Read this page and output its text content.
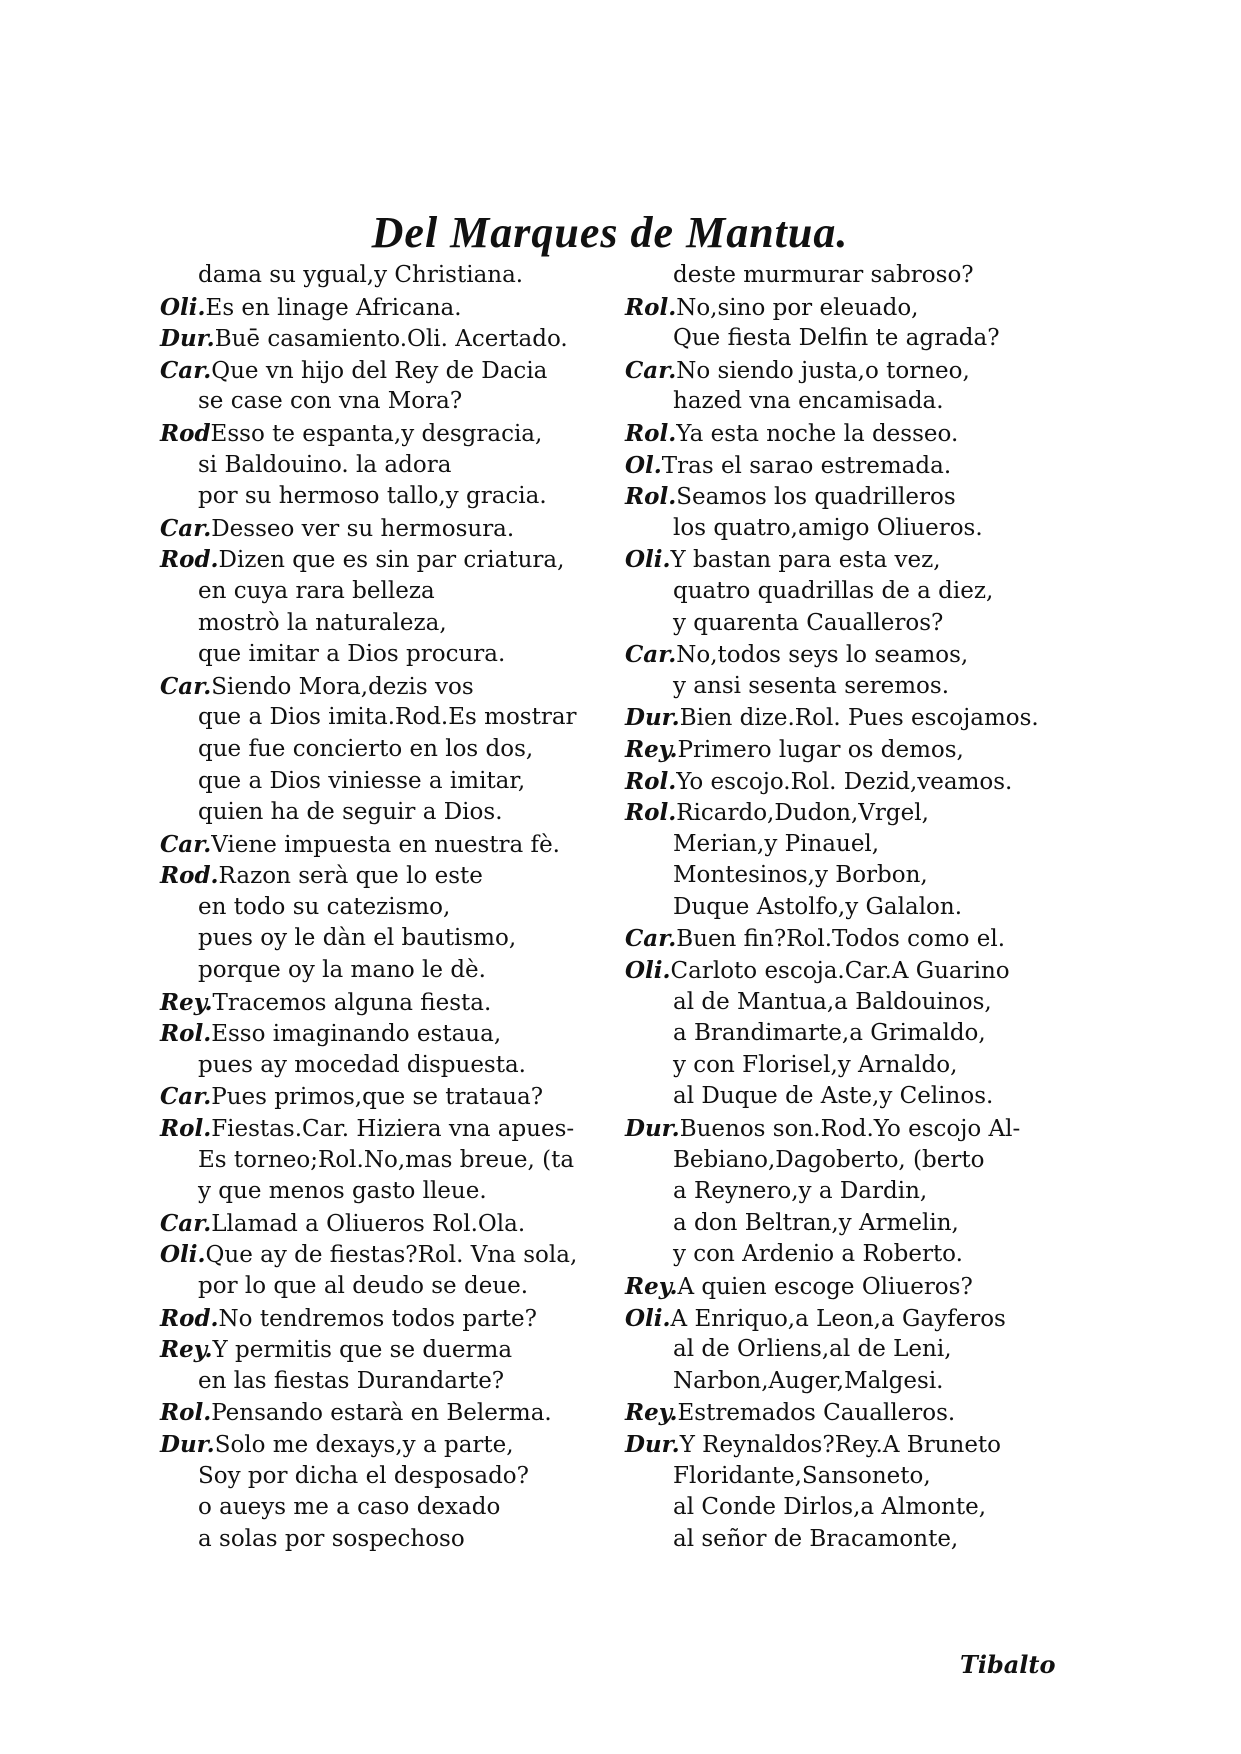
Del Marques de Mantua.
dama su ygual,y Christiana.
Oli.Es en linage Africana.
Dur.Buē casamiento.Oli. Acertado.
Car.Que vn hijo del Rey de Dacia
se case con vna Mora?
RodEsso te espanta,y desgracia,
si Baldouino. la adora
por su hermoso tallo,y gracia.
Car.Desseo ver su hermosura.
Rod.Dizen que es sin par criatura,
en cuya rara belleza
mostrò la naturaleza,
que imitar a Dios procura.
Car.Siendo Mora,dezis vos
que a Dios imita.Rod.Es mostrar
que fue concierto en los dos,
que a Dios viniesse a imitar,
quien ha de seguir a Dios.
Car.Viene impuesta en nuestra fè.
Rod.Razon serà que lo este
en todo su catezismo,
pues oy le dàn el bautismo,
porque oy la mano le dè.
Rey.Tracemos alguna fiesta.
Rol.Esso imaginando estaua,
pues ay mocedad dispuesta.
Car.Pues primos,que se trataua?
Rol.Fiestas.Car. Hiziera vna apues-
Es torneo;Rol.No,mas breue, (ta
y que menos gasto lleue.
Car.Llamad a Oliueros Rol.Ola.
Oli.Que ay de fiestas?Rol. Vna sola,
por lo que al deudo se deue.
Rod.No tendremos todos parte?
Rey.Y permitis que se duerma
en las fiestas Durandarte?
Rol.Pensando estarà en Belerma.
Dur.Solo me dexays,y a parte,
Soy por dicha el desposado?
o aueys me a caso dexado
a solas por sospechoso
deste murmurar sabroso?
Rol.No,sino por eleuado,
Que fiesta Delfin te agrada?
Car.No siendo justa,o torneo,
hazed vna encamisada.
Rol.Ya esta noche la desseo.
Ol.Tras el sarao estremada.
Rol.Seamos los quadrilleros
los quatro,amigo Oliueros.
Oli.Y bastan para esta vez,
quatro quadrillas de a diez,
y quarenta Caualleros?
Car.No,todos seys lo seamos,
y ansi sesenta seremos.
Dur.Bien dize.Rol. Pues escojamos.
Rey.Primero lugar os demos,
Rol.Yo escojo.Rol. Dezid,veamos.
Rol.Ricardo,Dudon,Vrgel,
Merian,y Pinauel,
Montesinos,y Borbon,
Duque Astolfo,y Galalon.
Car.Buen fin?Rol.Todos como el.
Oli.Carloto escoja.Car.A Guarino
al de Mantua,a Baldouinos,
a Brandimarte,a Grimaldo,
y con Florisel,y Arnaldo,
al Duque de Aste,y Celinos.
Dur.Buenos son.Rod.Yo escojo Al-
Bebiano,Dagoberto, (berto
a Reynero,y a Dardin,
a don Beltran,y Armelin,
y con Ardenio a Roberto.
Rey.A quien escoge Oliueros?
Oli.A Enriquo,a Leon,a Gayferos
al de Orliens,al de Leni,
Narbon,Auger,Malgesi.
Rey.Estremados Caualleros.
Dur.Y Reynaldos?Rey.A Bruneto
Floridante,Sansoneto,
al Conde Dirlos,a Almonte,
al señor de Bracamonte,
Tibalto
